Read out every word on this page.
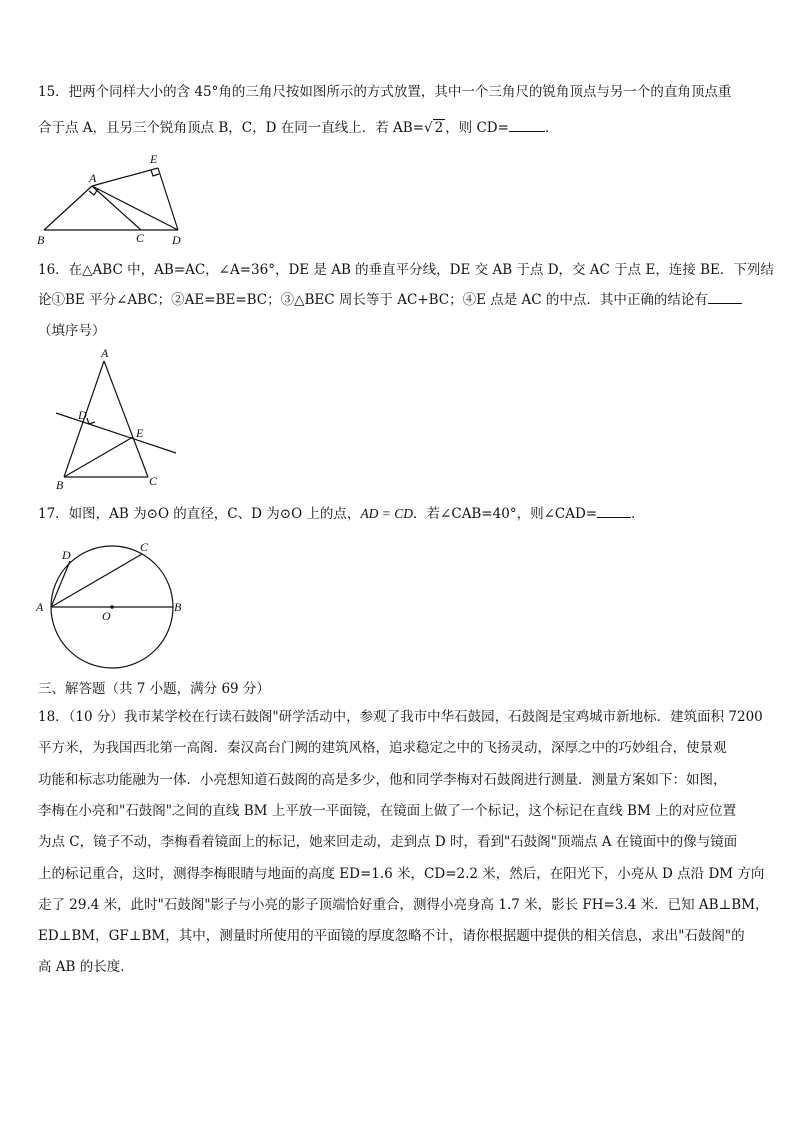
15．把两个同样大小的含 45°角的三角尺按如图所示的方式放置，其中一个三角尺的锐角顶点与另一个的直角顶点重
合于点 A，且另三个锐角顶点 B，C，D 在同一直线上．若 AB=√ 2 ，则 CD=	．
A
B	C D
E
16．在△ABC 中，AB=AC，∠A=36°，DE 是 AB 的垂直平分线，DE 交 AB 于点 D，交 AC 于点 E，连接 BE．下列结
论①BE 平分∠ABC；②AE=BE=BC；③△BEC 周长等于 AC+BC；④E 点是 AC 的中点．其中正确的结论有
（填序号）
A
B	C
D
E
17．如图，AB 为⊙O 的直径，C、D 为⊙O 上的点，AD = CD．若∠CAB=40°，则∠CAD=	．
A	B
C
D
O
三、解答题（共 7 小题，满分 69 分）
18．（10 分）我市某学校在行读石鼓阁"研学活动中，参观了我市中华石鼓园，石鼓阁是宝鸡城市新地标．建筑面积 7200
平方米，为我国西北第一高阁．秦汉高台门阙的建筑风格，追求稳定之中的飞扬灵动，深厚之中的巧妙组合，使景观
功能和标志功能融为一体．小亮想知道石鼓阁的高是多少，他和同学李梅对石鼓阁进行测量．测量方案如下：如图，
李梅在小亮和"石鼓阁"之间的直线 BM 上平放一平面镜，在镜面上做了一个标记，这个标记在直线 BM 上的对应位置
为点 C，镜子不动，李梅看着镜面上的标记，她来回走动，走到点 D 时，看到"石鼓阁"顶端点 A 在镜面中的像与镜面
上的标记重合，这时，测得李梅眼睛与地面的高度 ED=1.6 米，CD=2.2 米，然后，在阳光下，小亮从 D 点沿 DM 方向
走了 29.4 米，此时"石鼓阁"影子与小亮的影子顶端恰好重合，测得小亮身高 1.7 米，影长 FH=3.4 米．已知 AB⊥BM，
ED⊥BM，GF⊥BM，其中，测量时所使用的平面镜的厚度忽略不计，请你根据题中提供的相关信息，求出"石鼓阁"的
高 AB 的长度．
